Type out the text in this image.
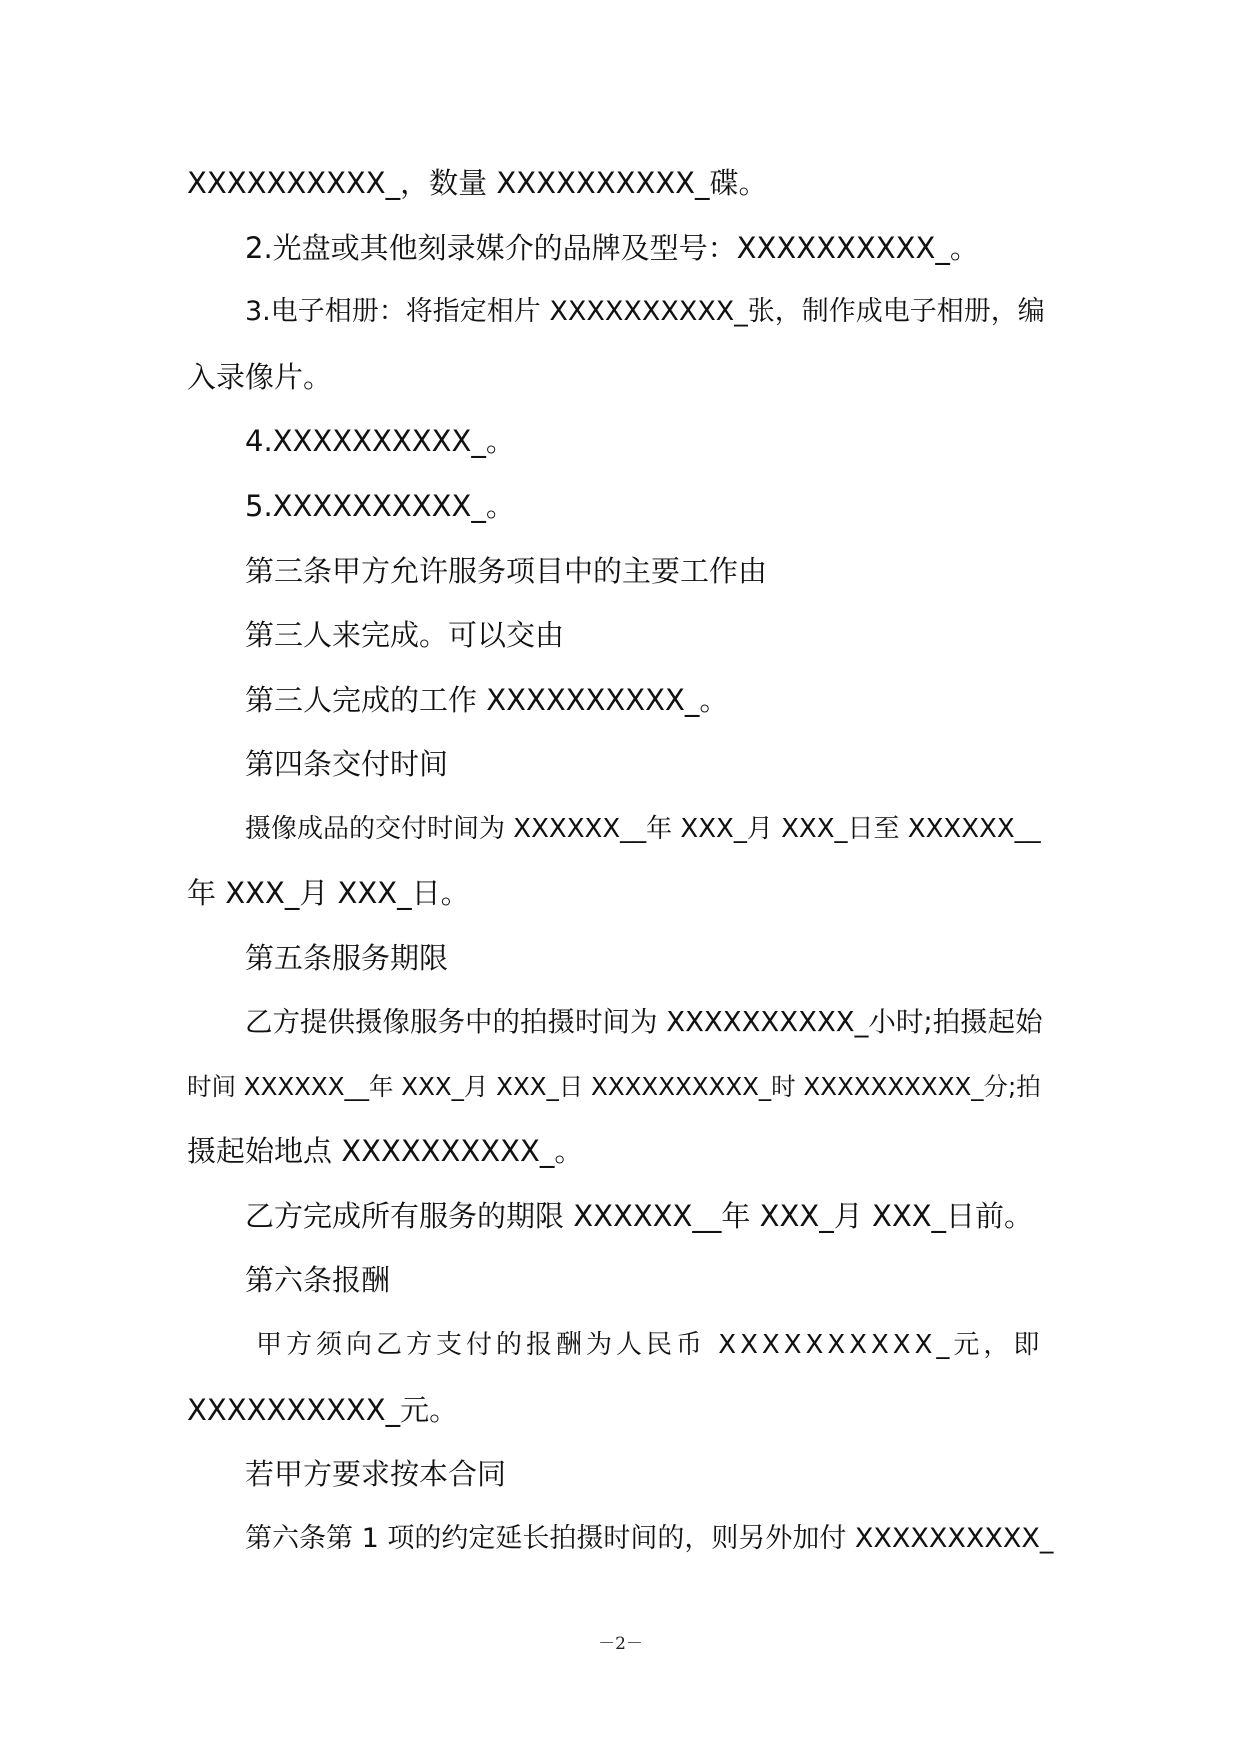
XXXXXXXXXX_，数量 XXXXXXXXXX_碟。
2.光盘或其他刻录媒介的品牌及型号：XXXXXXXXXX_。
3.电子相册：将指定相片 XXXXXXXXXX_张，制作成电子相册，编
入录像片。
4.XXXXXXXXXX_。
5.XXXXXXXXXX_。
第三条甲方允许服务项目中的主要工作由
第三人来完成。可以交由
第三人完成的工作 XXXXXXXXXX_。
第四条交付时间
摄像成品的交付时间为 XXXXXX__年 XXX_月 XXX_日至 XXXXXX__
年 XXX_月 XXX_日。
第五条服务期限
乙方提供摄像服务中的拍摄时间为 XXXXXXXXXX_小时;拍摄起始
时间 XXXXXX__年 XXX_月 XXX_日 XXXXXXXXXX_时 XXXXXXXXXX_分;拍
摄起始地点 XXXXXXXXXX_。
乙方完成所有服务的期限 XXXXXX__年 XXX_月 XXX_日前。
第六条报酬
甲方须向乙方支付的报酬为人民币 XXXXXXXXXX_元，即
XXXXXXXXXX_元。
若甲方要求按本合同
第六条第 1 项的约定延长拍摄时间的，则另外加付 XXXXXXXXXX_
－2－
